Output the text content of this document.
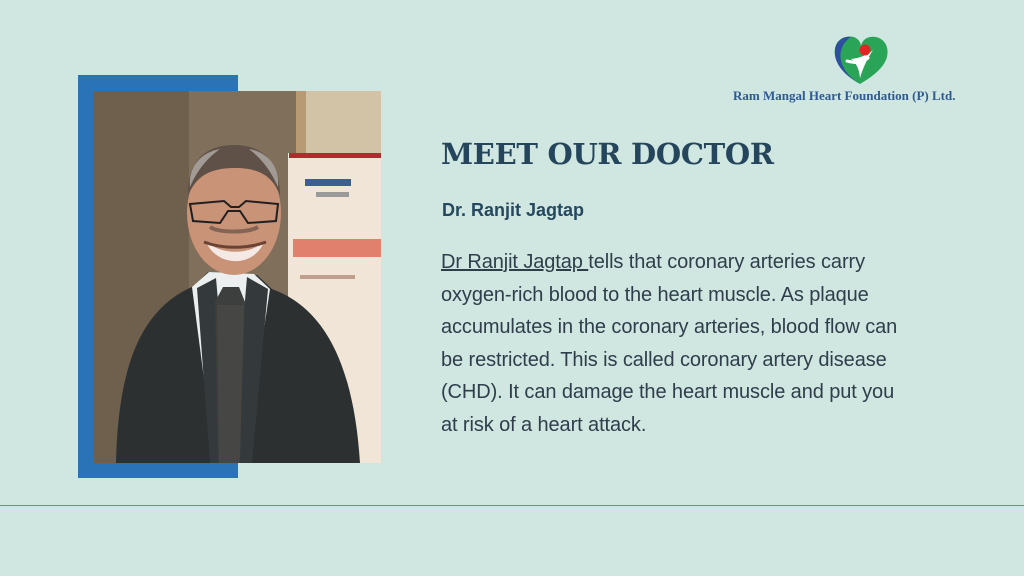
Ram Mangal Heart Foundation (P) Ltd.
MEET OUR DOCTOR
Dr. Ranjit Jagtap

Dr Ranjit Jagtap tells that coronary arteries carry oxygen-rich blood to the heart muscle. As plaque accumulates in the coronary arteries, blood flow can be restricted. This is called coronary artery disease (CHD). It can damage the heart muscle and put you at risk of a heart attack.
